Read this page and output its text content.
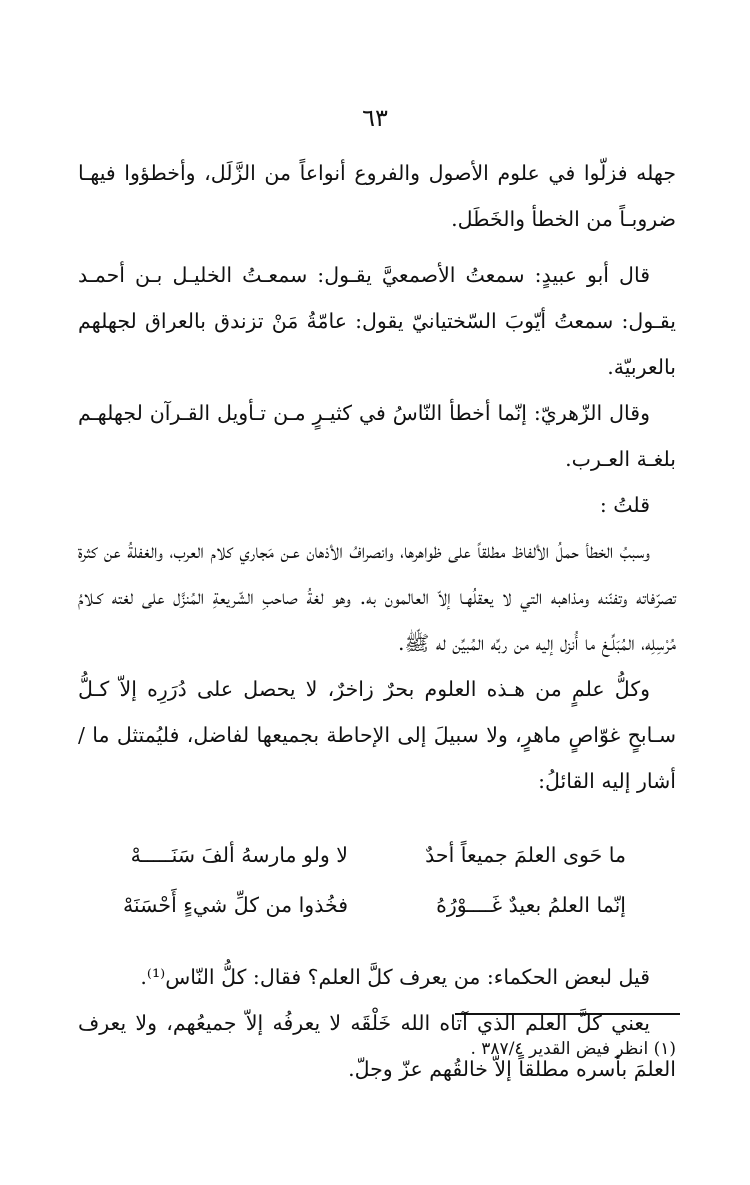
٦٣

جهله فزلّوا في علوم الأصول والفروع أنواعاً من الزَّلَل، وأخطؤوا فيهـا ضروبـاً من الخطأ والخَطَل.

قال أبو عبيدٍ: سمعتُ الأصمعيَّ يقـول: سمعـتُ الخليـل بـن أحمـد يقـول: سمعتُ أيّوبَ السّختيانيّ يقول: عامّةُ مَنْ تزندق بالعراق لجهلهم بالعربيّة.

وقال الزّهريّ: إنّما أخطأ النّاسُ في كثيـرٍ مـن تـأويل القـرآن لجهلهـم بلغـة العـرب.

قلتُ :

وسببُ الخطأ حملُ الألفاظ مطلقاً على ظواهرها، وانصرافُ الأذهان عـن مَجاري كلام العرب، والغفلةُ عن كثرة تصرّفاته وتفنّنه ومذاهبه التي لا يعقلُهـا إلاّ العالمون به. وهو لغةُ صاحبِ الشّريعةِ المُنزَّل على لغته كـلامُ مُرْسِلِه، المُبَلِّـغ ما أُنزل إليه من ربِّه المُبيِّن له ﷺ.

وكلُّ علمٍ من هـذه العلوم بحرٌ زاخرٌ، لا يحصل على دُرَرِه إلاّ كـلُّ سـابحٍ غوّاصٍ ماهرٍ، ولا سبيلَ إلى الإحاطة بجميعها لفاضل، فليُمتثل ما / أشار إليه القائلُ:

ما حَوى العلمَ جميعاً أحدٌ
لا ولو مارسهُ ألفَ سَنَـــــهْ
إنّما العلمُ بعيدٌ غَــــوْرُهُ
فخُذوا من كلِّ شيءٍ أَحْسَنَهْ

قيل لبعض الحكماء: من يعرف كلَّ العلم؟ فقال: كلُّ النّاس⁽¹⁾.

يعني كلَّ العلم الذي آتاه الله خَلْقَه لا يعرفُه إلاّ جميعُهم، ولا يعرف العلمَ بأسره مطلقاً إلاّ خالقُهم عزّ وجلّ.

(١) انظر فيض القدير ٣٨٧/٤ .
